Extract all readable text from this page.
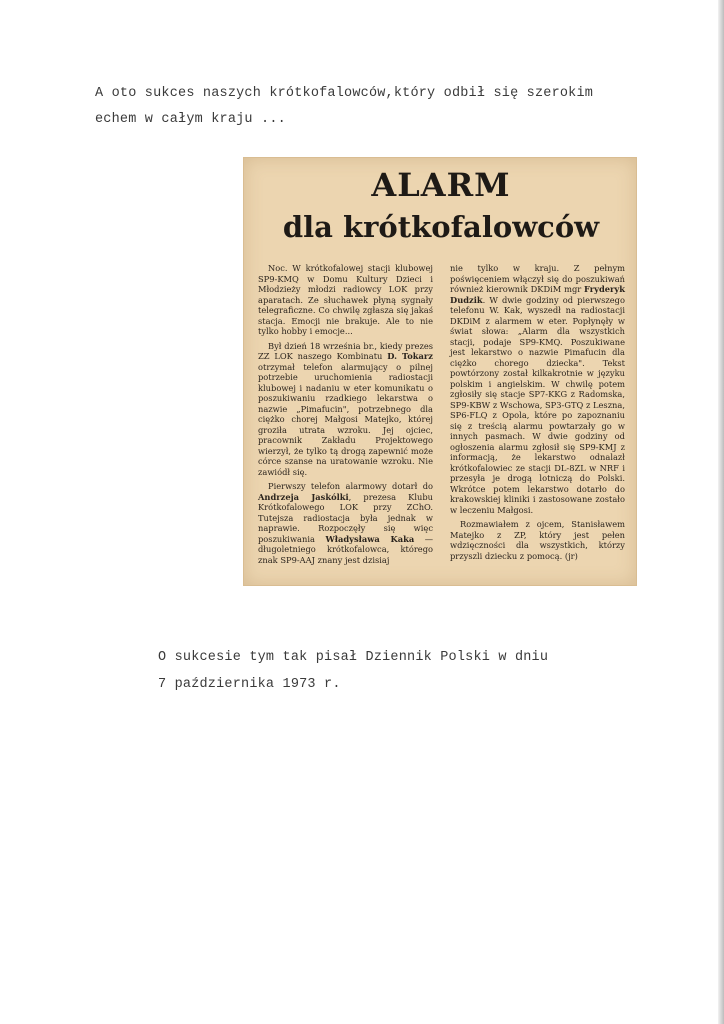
A oto sukces naszych krótkofalowców,który odbił się szerokim

echem w całym kraju ...

ALARM
dla krótkofalowców

Noc. W krótkofalowej stacji klubowej SP9-KMQ w Domu Kultury Dzieci i Młodzieży młodzi radiowcy LOK przy aparatach. Ze słuchawek płyną sygnały telegraficzne. Co chwilę zgłasza się jakaś stacja. Emocji nie brakuje. Ale to nie tylko hobby i emocje...

Był dzień 18 września br., kiedy prezes ZZ LOK naszego Kombinatu D. Tokarz otrzymał telefon alarmujący o pilnej potrzebie uruchomienia radiostacji klubowej i nadaniu w eter komunikatu o poszukiwaniu rzadkiego lekarstwa o nazwie „Pimafucin", potrzebnego dla ciężko chorej Małgosi Matejko, której groziła utrata wzroku. Jej ojciec, pracownik Zakładu Projektowego wierzył, że tylko tą drogą zapewnić może córce szanse na uratowanie wzroku. Nie zawiódł się.

Pierwszy telefon alarmowy dotarł do Andrzeja Jaskólki, prezesa Klubu Krótkofalowego LOK przy ZChO. Tutejsza radiostacja była jednak w naprawie. Rozpoczęły się więc poszukiwania Władysława Kaka — długoletniego krótkofalowca, którego znak SP9-AAJ znany jest dzisiaj

nie tylko w kraju. Z pełnym poświęceniem włączył się do poszukiwań również kierownik DKDiM mgr Fryderyk Dudzik. W dwie godziny od pierwszego telefonu W. Kak, wyszedł na radiostacji DKDiM z alarmem w eter. Popłynęły w świat słowa: „Alarm dla wszystkich stacji, podaje SP9-KMQ. Poszukiwane jest lekarstwo o nazwie Pimafucin dla ciężko chorego dziecka". Tekst powtórzony został kilkakrotnie w języku polskim i angielskim. W chwilę potem zgłosiły się stacje SP7-KKG z Radomska, SP9-KBW z Wschowa, SP3-GTQ z Leszna, SP6-FLQ z Opola, które po zapoznaniu się z treścią alarmu powtarzały go w innych pasmach. W dwie godziny od ogłoszenia alarmu zgłosił się SP9-KMJ z informacją, że lekarstwo odnalazł krótkofalowiec ze stacji DL-8ZL w NRF i przesyła je drogą lotniczą do Polski. Wkrótce potem lekarstwo dotarło do krakowskiej kliniki i zastosowane zostało w leczeniu Małgosi.

Rozmawiałem z ojcem, Stanisławem Matejko z ZP, który jest pełen wdzięczności dla wszystkich, którzy przyszli dziecku z pomocą. (jr)

O sukcesie tym tak pisał Dziennik Polski w dniu

7 października 1973 r.
